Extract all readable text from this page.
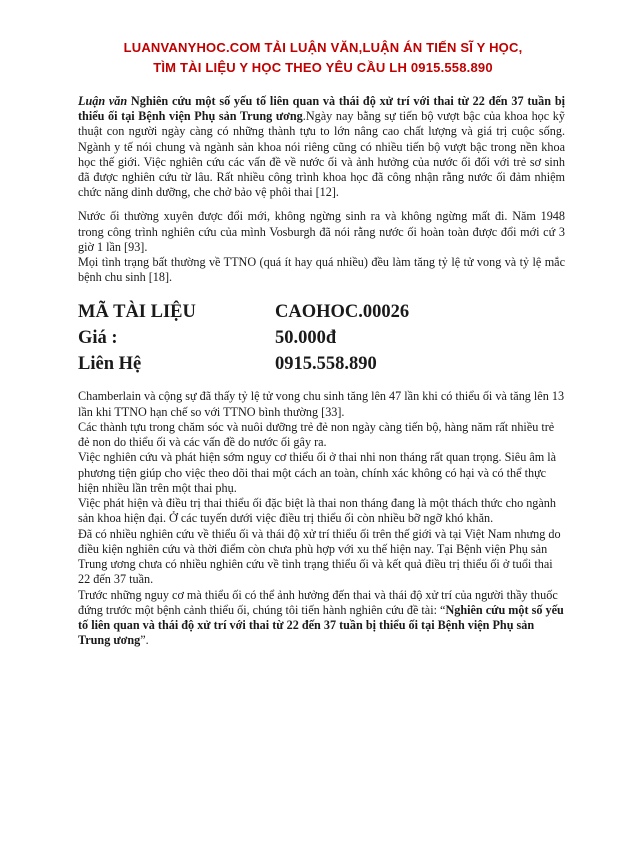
LUANVANYHOC.COM TẢI LUẬN VĂN,LUẬN ÁN TIẾN SĨ Y HỌC,
TÌM TÀI LIỆU Y HỌC THEO YÊU CẦU LH 0915.558.890

Luận văn Nghiên cứu một số yếu tố liên quan và thái độ xử trí với thai từ 22 đến 37 tuần bị thiểu ối tại Bệnh viện Phụ sản Trung ương.Ngày nay bằng sự tiến bộ vượt bậc của khoa học kỹ thuật con người ngày càng có những thành tựu to lớn nâng cao chất lượng và giá trị cuộc sống. Ngành y tế nói chung và ngành sản khoa nói riêng cũng có nhiều tiến bộ vượt bậc trong nền khoa học thế giới. Việc nghiên cứu các vấn đề về nước ối và ảnh hưởng của nước ối đối với trẻ sơ sinh đã được nghiên cứu từ lâu. Rất nhiều công trình khoa học đã công nhận rằng nước ối đảm nhiệm chức năng dinh dưỡng, che chở bảo vệ phôi thai [12].

Nước ối thường xuyên được đổi mới, không ngừng sinh ra và không ngừng mất đi. Năm 1948 trong công trình nghiên cứu của mình Vosburgh đã nói rằng nước ối hoàn toàn được đổi mới cứ 3 giờ 1 lần [93].
Mọi tình trạng bất thường về TTNO (quá ít hay quá nhiều) đều làm tăng tỷ lệ tử vong và tỷ lệ mắc bệnh chu sinh [18].

MÃ TÀI LIỆU	CAOHOC.00026
Giá :	50.000đ
Liên Hệ	0915.558.890

Chamberlain và cộng sự đã thấy tỷ lệ tử vong chu sinh tăng lên 47 lần khi có thiểu ối và tăng lên 13 lần khi TTNO hạn chế so với TTNO bình thường [33].

Các thành tựu trong chăm sóc và nuôi dưỡng trẻ đẻ non ngày càng tiến bộ, hàng năm rất nhiều trẻ đẻ non do thiểu ối và các vấn đề do nước ối gây ra.

Việc nghiên cứu và phát hiện sớm nguy cơ thiểu ối ở thai nhi non tháng rất quan trọng. Siêu âm là phương tiện giúp cho việc theo dõi thai một cách an toàn, chính xác không có hại và có thể thực hiện nhiều lần trên một thai phụ.

Việc phát hiện và điều trị thai thiểu ối đặc biệt là thai non tháng đang là một thách thức cho ngành sản khoa hiện đại. Ở các tuyến dưới việc điều trị thiểu ối còn nhiều bỡ ngỡ khó khăn.

Đã có nhiều nghiên cứu về thiểu ối và thái độ xử trí thiểu ối trên thế giới và tại Việt Nam nhưng do điều kiện nghiên cứu và thời điểm còn chưa phù hợp với xu thế hiện nay. Tại Bệnh viện Phụ sản Trung ương chưa có nhiều nghiên cứu về tình trạng thiểu ối và kết quả điều trị thiểu ối ở tuổi thai 22 đến 37 tuần.

Trước những nguy cơ mà thiểu ối có thể ảnh hưởng đến thai và thái độ xử trí của người thầy thuốc đứng trước một bệnh cảnh thiểu ối, chúng tôi tiến hành nghiên cứu đề tài: “Nghiên cứu một số yếu tố liên quan và thái độ xử trí với thai từ 22 đến 37 tuần bị thiểu ối tại Bệnh viện Phụ sản Trung ương”.
